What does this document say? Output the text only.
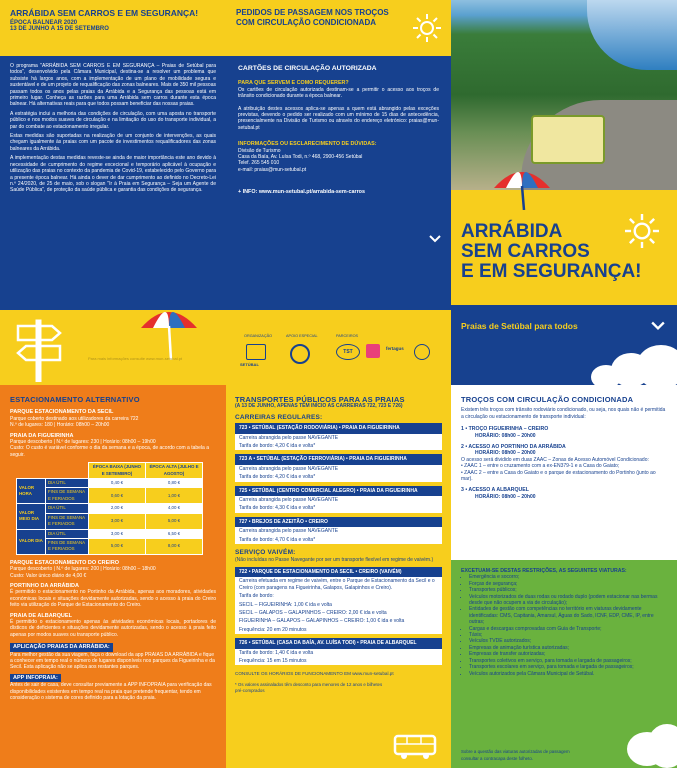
ARRÁBIDA SEM CARROS E EM SEGURANÇA!
ÉPOCA BALNEAR 2020
13 DE JUNHO A 15 DE SETEMBRO

O programa "ARRÁBIDA SEM CARROS E EM SEGURANÇA – Praias de Setúbal para todos", desenvolvido pela Câmara Municipal, destina-se a resolver um problema que subsiste há largos anos, com a implementação de um plano de mobilidade segura e sustentável e de um projeto de requalificação das zonas balneares. Mais de 350 mil pessoas passam todos os anos pelas praias da Arrábida e a Segurança das pessoas está em primeiro lugar. Conheça as razões para uma Arrábida sem carros durante esta época balnear. Há alternativas reais para que todos possam beneficiar das nossas praias.

A estratégia inclui a melhoria das condições de circulação, com uma aposta no transporte público e nos modos suaves de circulação e na limitação do uso do transporte individual, a par do combate ao estacionamento irregular.

Estas medidas são suportadas na realização de um conjunto de intervenções, as quais chegam igualmente às praias com um pacote de investimentos requalificadores das zonas balneares da Arrábida.

A implementação destas medidas reveste-se ainda de maior importância este ano devido à necessidade de cumprimento do regime excecional e temporário aplicável à ocupação e utilização das praias no contexto da pandemia de Covid-19, estabelecido pelo Governo para a presente época balnear. Há ainda o dever de dar cumprimento ao definido no Decreto-Lei n.º 24/2020, de 25 de maio, sob o slogan "Ir à Praia em Segurança – Seja um Agente de Saúde Pública", de proteção da saúde pública e garantia das condições de segurança.

Para mais informações consulte www.mun-setubal.pt
PEDIDOS DE PASSAGEM NOS TROÇOS COM CIRCULAÇÃO CONDICIONADA
CARTÕES DE CIRCULAÇÃO AUTORIZADA
PARA QUE SERVEM E COMO REQUERER?
Os cartões de circulação autorizada destinam-se a permitir o acesso aos troços de trânsito condicionado durante a época balnear.
A atribuição destes acessos aplica-se apenas a quem está abrangido pelas exceções previstas, devendo o pedido ser realizado com um mínimo de 15 dias de antecedência, presencialmente na Divisão de Turismo ou através do endereço eletrónico: praias@mun-setubal.pt
INFORMAÇÕES OU ESCLARECIMENTO DE DÚVIDAS:
Divisão de Turismo
Casa da Baía, Av. Luísa Todi, n.º 468, 2900-456 Setúbal
Telef. 265 545 010
e-mail: praias@mun-setubal.pt
+ INFO: www.mun-setubal.pt/arrabida-sem-carros
ORGANIZAÇÃO	APOIO ESPECIAL	PARCEIROS
SETÚBAL
TST
fertagus
ARRÁBIDA
SEM CARROS
E EM SEGURANÇA!
Praias de Setúbal para todos
ESTACIONAMENTO ALTERNATIVO
PARQUE ESTACIONAMENTO DA SECIL
Parque coberto destinado aos utilizadores da carreira 722
N.º de lugares: 180 | Horário: 08h00 – 20h00
PRAIA DA FIGUEIRINHA
Parque descoberto | N.º de lugares: 230 | Horário: 08h00 – 19h00
Custo: O custo é variável conforme o dia da semana e a época, de acordo com a tabela a seguir.
		ÉPOCA BAIXA (JUNHO E SETEMBRO)	ÉPOCA ALTA (JULHO E AGOSTO)
VALOR HORA	DIA ÚTIL	0,40 €	0,80 €
	FINS DE SEMANA E FERIADOS	0,60 €	1,00 €
VALOR MEIO DIA	DIA ÚTIL	2,00 €	4,00 €
	FINS DE SEMANA E FERIADOS	3,00 €	5,00 €
VALOR DIA	DIA ÚTIL	3,00 €	6,50 €
	FINS DE SEMANA E FERIADOS	5,00 €	8,00 €
PARQUE ESTACIONAMENTO DO CREIRO
Parque descoberto | N.º de lugares: 200 | Horário: 08h00 – 18h00
Custo: Valor único diário de 4,00 €
PORTINHO DA ARRÁBIDA
É permitido o estacionamento no Portinho da Arrábida, apenas aos moradores, atividades económicas locais e situações devidamente autorizadas, sendo o acesso à praia do Creiro feito via utilização do Parque de Estacionamento do Creiro.
PRAIA DE ALBARQUEL
É permitido o estacionamento apenas às atividades económicas locais, portadores de dísticos de deficientes e situações devidamente autorizadas, sendo o acesso à praia feito apenas por modos suaves ou transporte público.
APLICAÇÃO PRAIAS DA ARRÁBIDA:
Para melhor gestão da sua viagem, faça o download da app PRAIAS DA ARRÁBIDA e fique a conhecer em tempo real o número de lugares disponíveis nos parques da Figueirinha e da Secil. Esta aplicação não se aplica aos restantes parques.
APP INFOPRAIA:
Antes de sair de casa, deve consultar previamente a APP INFOPRAIA para verificação das disponibilidades existentes em tempo real na praia que pretende frequentar, tendo em consideração o sistema de cores definido para a lotação da praia.
TRANSPORTES PÚBLICOS PARA AS PRAIAS
(A 13 DE JUNHO, APENAS TÊM INÍCIO AS CARREIRAS 722, 723 E 726)
CARREIRAS REGULARES:
723 • SETÚBAL (ESTAÇÃO RODOVIÁRIA) • PRAIA DA FIGUEIRINHA
Carreira abrangida pelo passe NAVEGANTE
Tarifa de bordo: 4,20 € ida e volta*
723 A • SETÚBAL (ESTAÇÃO FERROVIÁRIA) • PRAIA DA FIGUEIRINHA
Carreira abrangida pelo passe NAVEGANTE
Tarifa de bordo: 4,20 € ida e volta*
725 • SETÚBAL (CENTRO COMERCIAL ALEGRO) • PRAIA DA FIGUEIRINHA
Carreira abrangida pelo passe NAVEGANTE
Tarifa de bordo: 4,30 € ida e volta*
727 • BREJOS DE AZEITÃO • CREIRO
Carreira abrangida pelo passe NAVEGANTE
Tarifa de bordo: 4,70 € ida e volta*
SERVIÇO VAIVÉM:
(Não incluídas no Passe Navegante por ser um transporte flexível em regime de vaivém.)
722 • PARQUE DE ESTACIONAMENTO DA SECIL • CREIRO (VAIVÉM)
Carreira efetuada em regime de vaivém, entre o Parque de Estacionamento da Secil e o Creiro (com paragens na Figueirinha, Galapos, Galapinhos e Creiro).
Tarifa de bordo:
SECIL – FIGUEIRINHA: 1,00 € ida e volta
SECIL – GALAPOS – GALAPINHOS – CREIRO: 2,00 € ida e volta
FIGUEIRINHA – GALAPOS – GALAPINHOS – CREIRO: 1,00 € ida e volta
Frequência: 20 em 20 minutos
726 • SETÚBAL (CASA DA BAÍA, AV. LUÍSA TODI) • PRAIA DE ALBARQUEL
Tarifa de bordo: 1,40 € ida e volta
Frequência: 15 em 15 minutos
CONSULTE OS HORÁRIOS DE FUNCIONAMENTO EM www.mun-setubal.pt
* Os valores assinalados têm desconto para menores de 12 anos e bilhetes pré-comprados
TROÇOS COM CIRCULAÇÃO CONDICIONADA
Existem três troços com trânsito rodoviário condicionado, ou seja, nos quais não é permitida a circulação ou estacionamento de transporte individual:
1 • TROÇO FIGUEIRINHA – CREIRO
HORÁRIO: 08h00 – 20h00
2 • ACESSO AO PORTINHO DA ARRÁBIDA
HORÁRIO: 08h00 – 20h00
O acesso será dividido em duas ZAAC – Zonas de Acesso Automóvel Condicionado:
• ZAAC 1 – entre o cruzamento com a ex-EN379-1 e a Casa do Gaiato;
• ZAAC 2 – entre a Casa do Gaiato e o parque de estacionamento do Portinho (junto ao mar).
3 • ACESSO A ALBARQUEL
HORÁRIO: 08h00 – 20h00
EXCETUAM-SE DESTAS RESTRIÇÕES, AS SEGUINTES VIATURAS:
• Emergência e socorro;
• Forças de segurança;
• Transportes públicos;
• Veículos motorizados de duas rodas ou rodado duplo (podem estacionar nas bermas desde que não ocupem a via de circulação);
• Entidades de gestão com competências no território em viaturas devidamente identificadas: CMS, Capitania, Amarsul, Águas do Sado, ICNF, EDP, CME, IP, entre outras;
• Cargas e descargas comprovadas com Guia de Transporte;
• Táxis;
• Veículos TVDE autorizados;
• Empresas de animação turística autorizadas;
• Empresas de transfer autorizadas;
• Transportes coletivos em serviço, para tomada e largada de passageiros;
• Transportes escolares em serviço, para tomada e largada de passageiros;
• Veículos autorizados pela Câmara Municipal de Setúbal.
Sobre a questão das viaturas autorizadas de passagem consultar a contracapa deste folheto.
